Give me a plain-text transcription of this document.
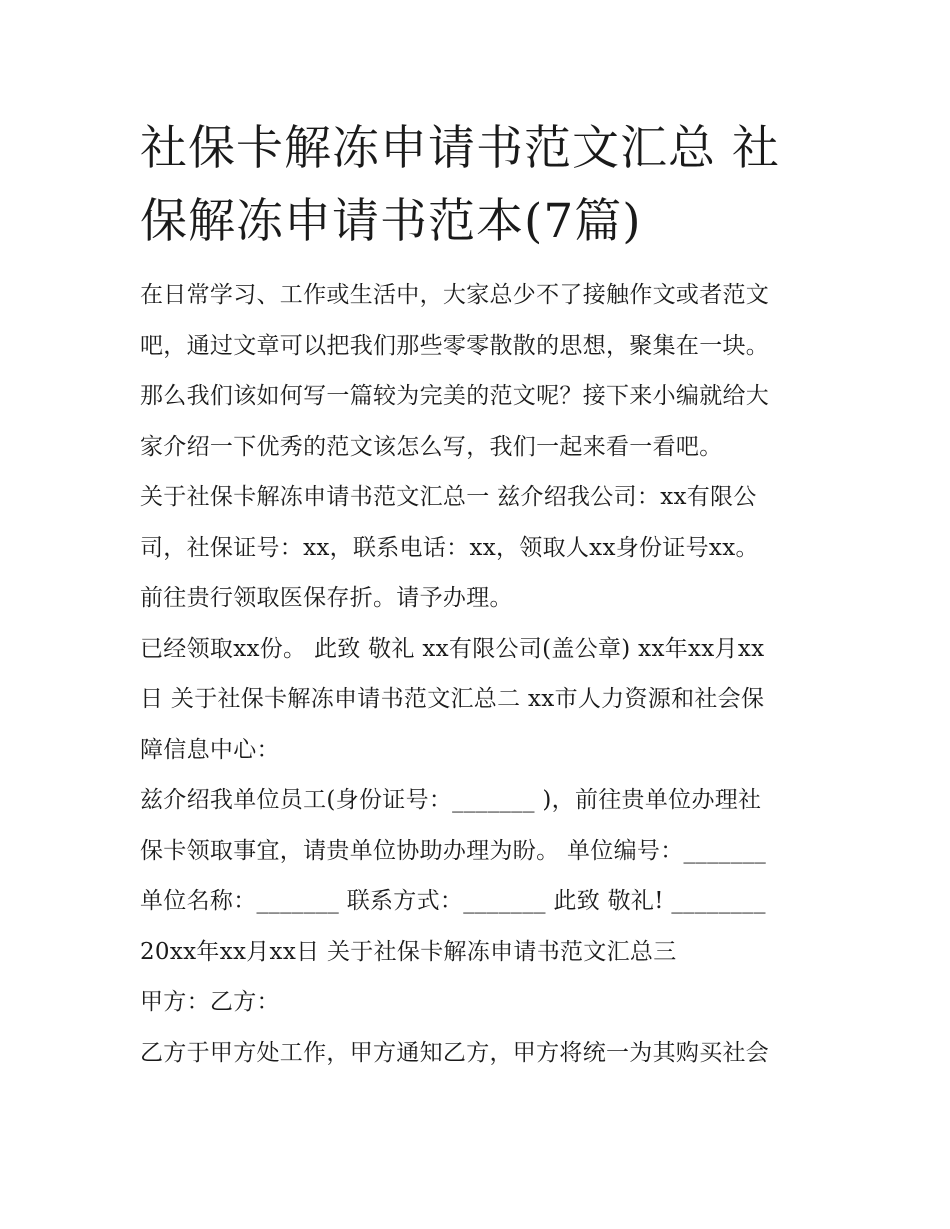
社保卡解冻申请书范文汇总 社
保解冻申请书范本(7篇)

在日常学习、工作或生活中，大家总少不了接触作文或者范文
吧，通过文章可以把我们那些零零散散的思想，聚集在一块。
那么我们该如何写一篇较为完美的范文呢？接下来小编就给大
家介绍一下优秀的范文该怎么写，我们一起来看一看吧。

关于社保卡解冻申请书范文汇总一 兹介绍我公司：xx有限公
司，社保证号：xx，联系电话：xx，领取人xx身份证号xx。
前往贵行领取医保存折。请予办理。

已经领取xx份。 此致 敬礼 xx有限公司(盖公章) xx年xx月xx
日 关于社保卡解冻申请书范文汇总二 xx市人力资源和社会保
障信息中心：

兹介绍我单位员工(身份证号：_______ )，前往贵单位办理社
保卡领取事宜，请贵单位协助办理为盼。 单位编号：_______
单位名称：_______ 联系方式：_______ 此致 敬礼! ________
20xx年xx月xx日 关于社保卡解冻申请书范文汇总三

甲方：乙方：

乙方于甲方处工作，甲方通知乙方，甲方将统一为其购买社会
